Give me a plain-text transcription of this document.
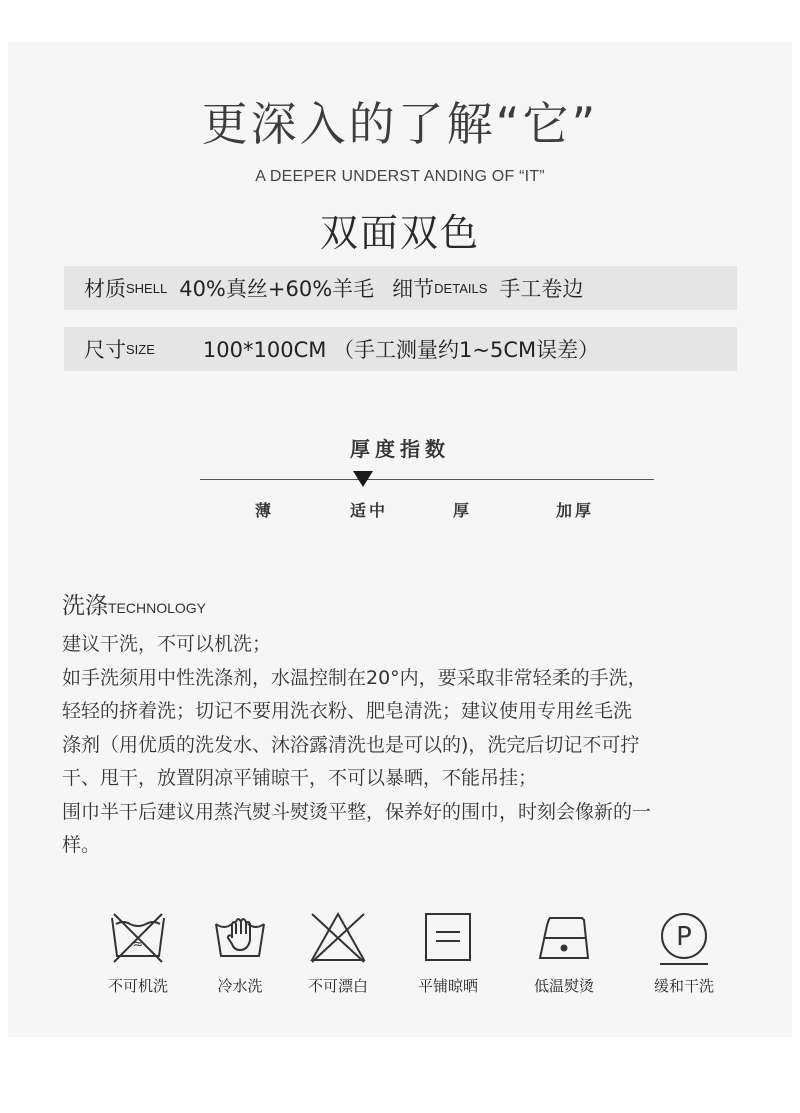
更深入的了解“它”
A DEEPER UNDERST ANDING OF “IT”
双面双色
材质 SHELL 40%真丝+60%羊毛 细节 DETAILS 手工卷边
尺寸 SIZE 100*100CM （手工测量约1~5CM误差）
厚度指数
薄	适中	厚	加厚
洗涤TECHNOLOGY

建议干洗，不可以机洗；

如手洗须用中性洗涤剂，水温控制在20°内，要采取非常轻柔的手洗，

轻轻的挤着洗；切记不要用洗衣粉、肥皂清洗；建议使用专用丝毛洗

涤剂（用优质的洗发水、沐浴露清洗也是可以的)，洗完后切记不可拧

干、甩干，放置阴凉平铺晾干，不可以暴晒，不能吊挂；

围巾半干后建议用蒸汽熨斗熨烫平整，保养好的围巾，时刻会像新的一

样。

≈	P
不可机洗	冷水洗	不可漂白	平铺晾晒	低温熨烫	缓和干洗
